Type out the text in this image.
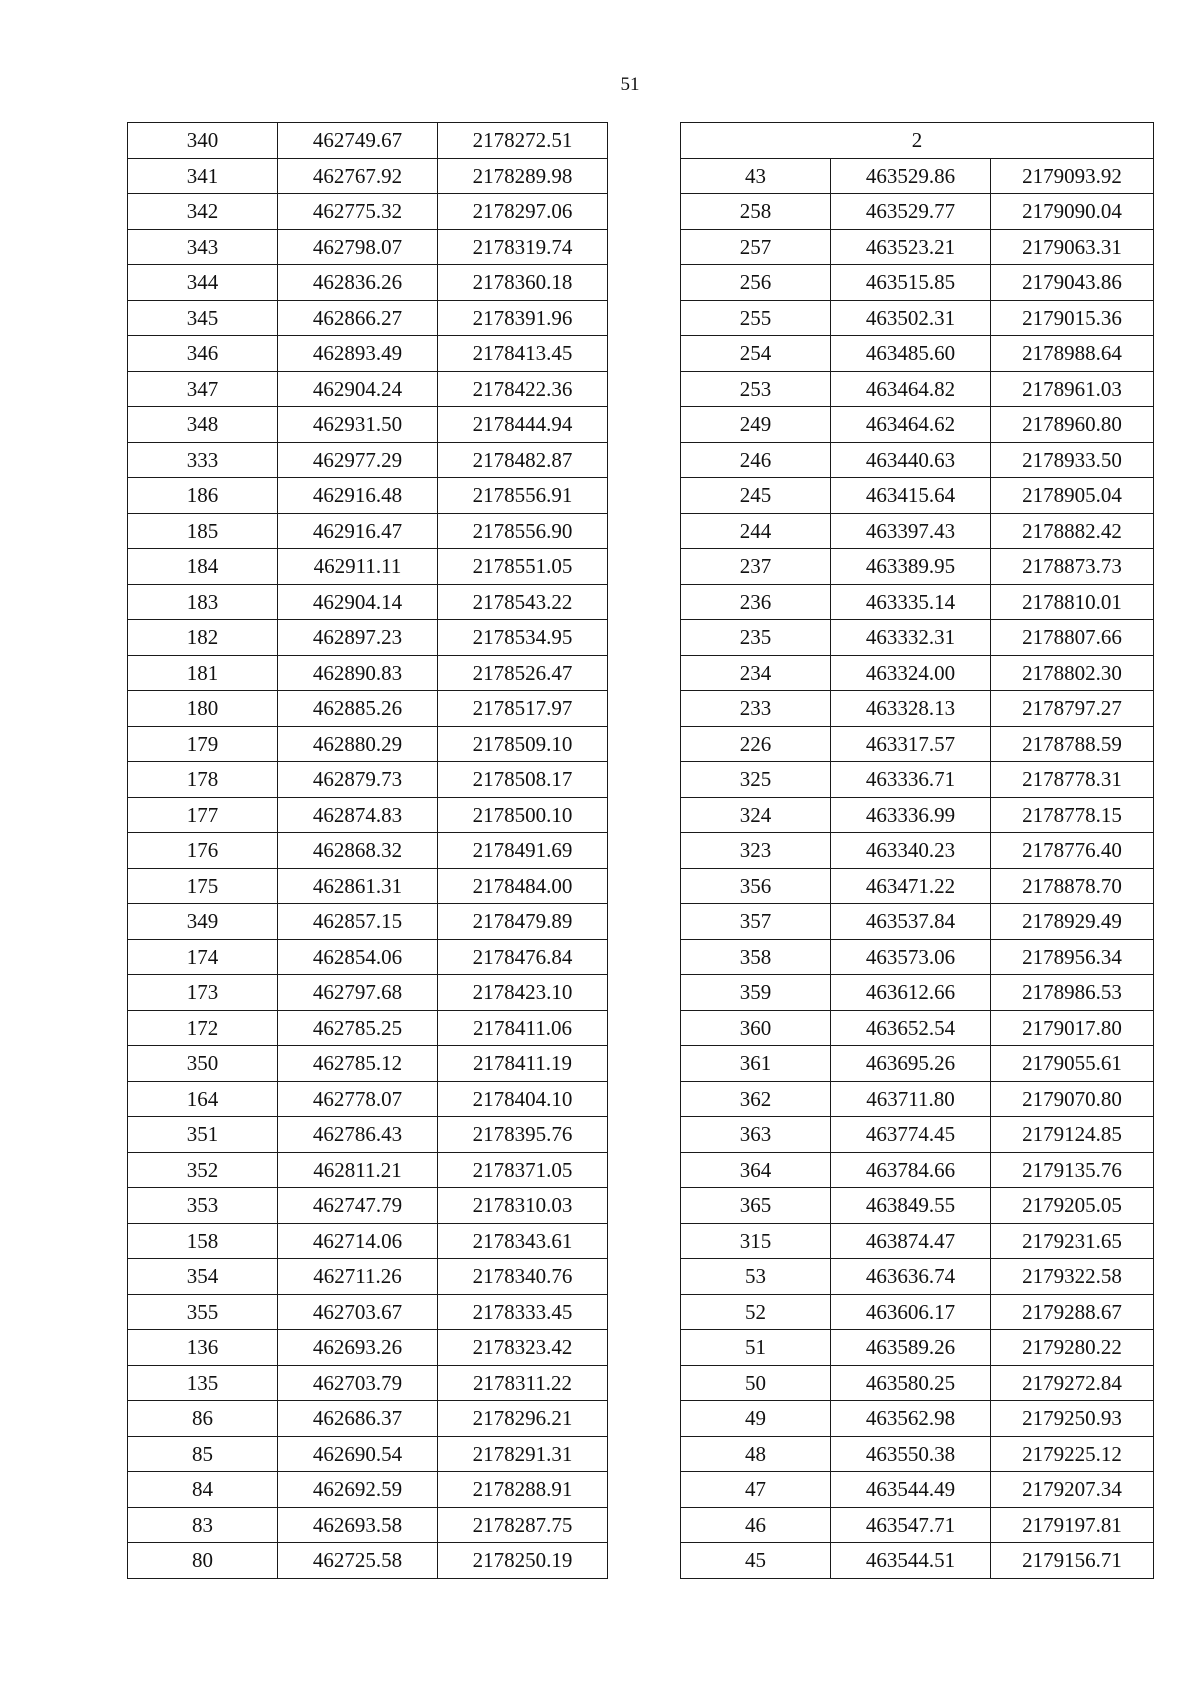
51
340	462749.67	2178272.51
341	462767.92	2178289.98
342	462775.32	2178297.06
343	462798.07	2178319.74
344	462836.26	2178360.18
345	462866.27	2178391.96
346	462893.49	2178413.45
347	462904.24	2178422.36
348	462931.50	2178444.94
333	462977.29	2178482.87
186	462916.48	2178556.91
185	462916.47	2178556.90
184	462911.11	2178551.05
183	462904.14	2178543.22
182	462897.23	2178534.95
181	462890.83	2178526.47
180	462885.26	2178517.97
179	462880.29	2178509.10
178	462879.73	2178508.17
177	462874.83	2178500.10
176	462868.32	2178491.69
175	462861.31	2178484.00
349	462857.15	2178479.89
174	462854.06	2178476.84
173	462797.68	2178423.10
172	462785.25	2178411.06
350	462785.12	2178411.19
164	462778.07	2178404.10
351	462786.43	2178395.76
352	462811.21	2178371.05
353	462747.79	2178310.03
158	462714.06	2178343.61
354	462711.26	2178340.76
355	462703.67	2178333.45
136	462693.26	2178323.42
135	462703.79	2178311.22
86	462686.37	2178296.21
85	462690.54	2178291.31
84	462692.59	2178288.91
83	462693.58	2178287.75
80	462725.58	2178250.19
2		
43	463529.86	2179093.92
258	463529.77	2179090.04
257	463523.21	2179063.31
256	463515.85	2179043.86
255	463502.31	2179015.36
254	463485.60	2178988.64
253	463464.82	2178961.03
249	463464.62	2178960.80
246	463440.63	2178933.50
245	463415.64	2178905.04
244	463397.43	2178882.42
237	463389.95	2178873.73
236	463335.14	2178810.01
235	463332.31	2178807.66
234	463324.00	2178802.30
233	463328.13	2178797.27
226	463317.57	2178788.59
325	463336.71	2178778.31
324	463336.99	2178778.15
323	463340.23	2178776.40
356	463471.22	2178878.70
357	463537.84	2178929.49
358	463573.06	2178956.34
359	463612.66	2178986.53
360	463652.54	2179017.80
361	463695.26	2179055.61
362	463711.80	2179070.80
363	463774.45	2179124.85
364	463784.66	2179135.76
365	463849.55	2179205.05
315	463874.47	2179231.65
53	463636.74	2179322.58
52	463606.17	2179288.67
51	463589.26	2179280.22
50	463580.25	2179272.84
49	463562.98	2179250.93
48	463550.38	2179225.12
47	463544.49	2179207.34
46	463547.71	2179197.81
45	463544.51	2179156.71
